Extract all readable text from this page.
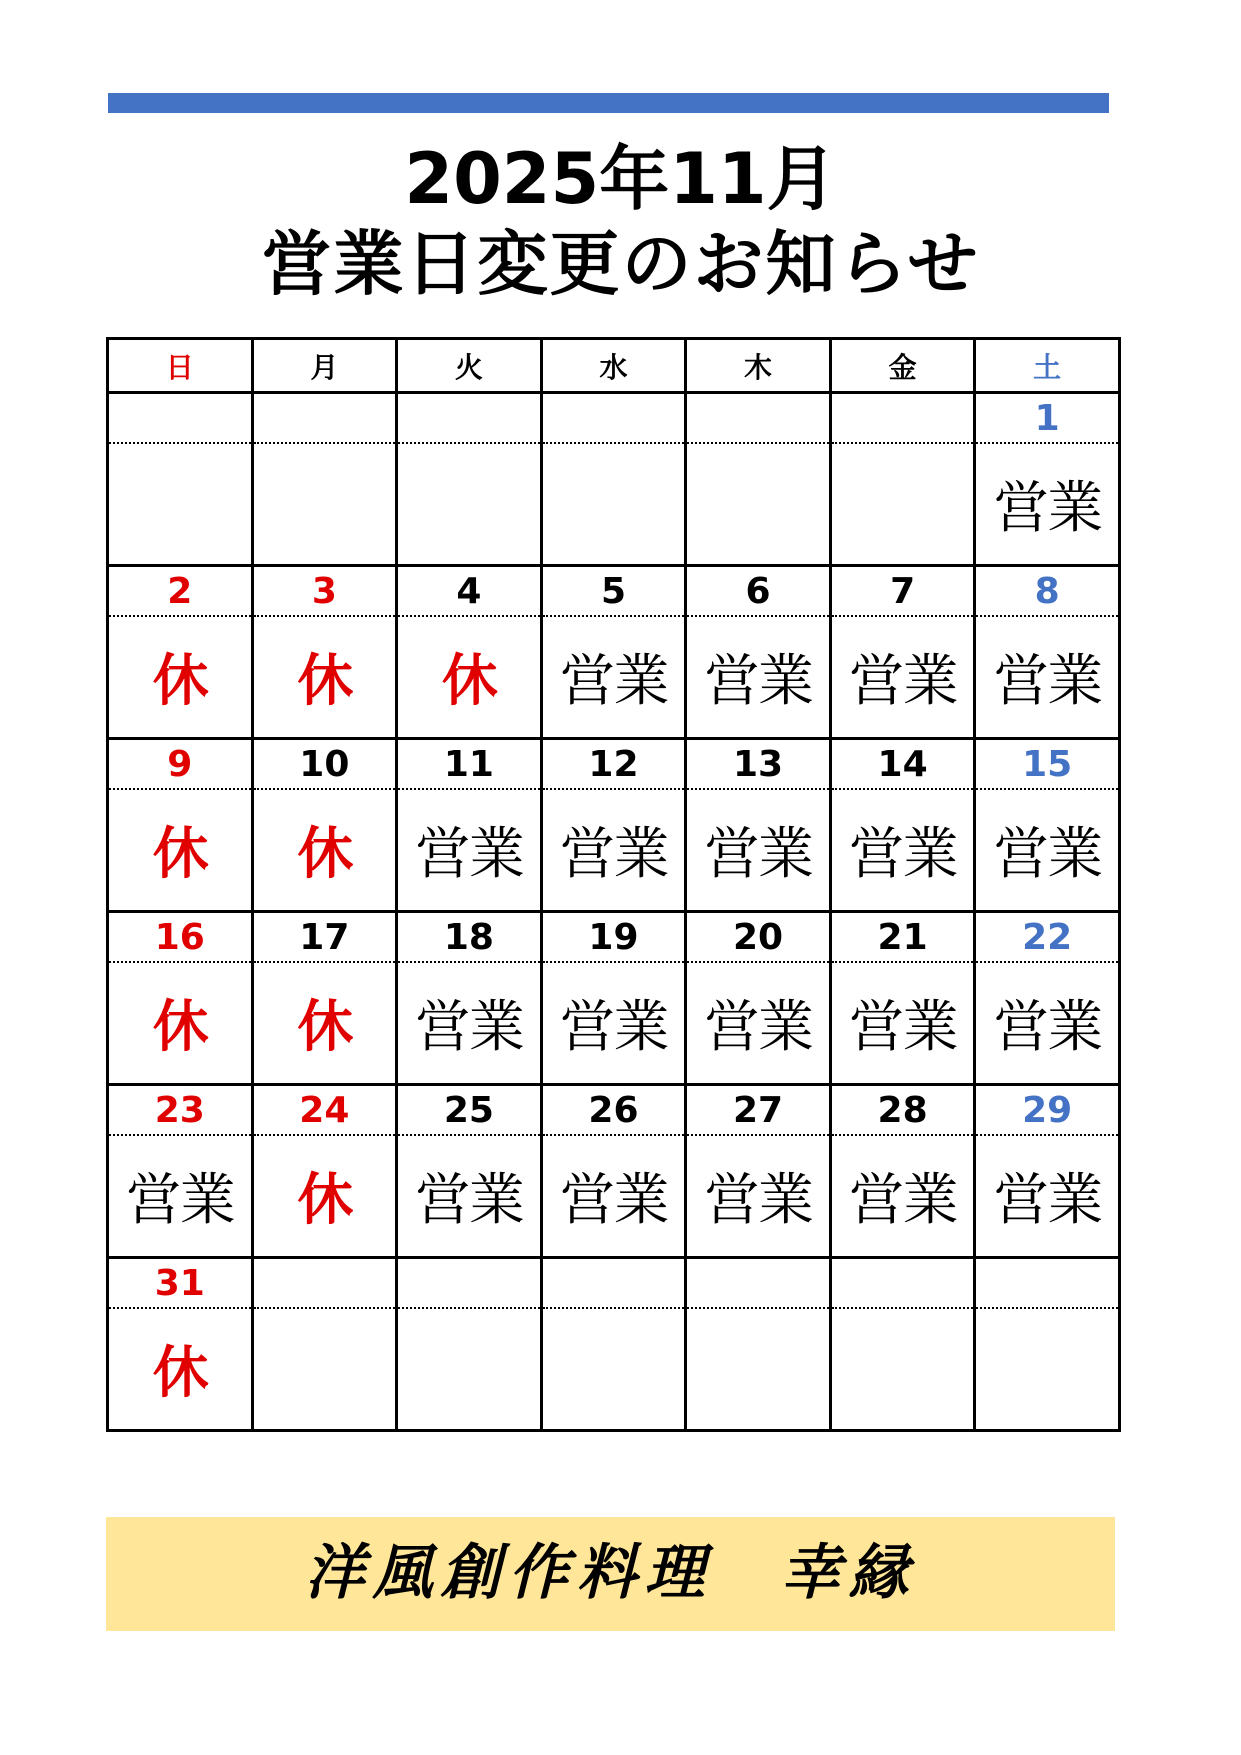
2025年11月
営業日変更のお知らせ
日	月	火	水	木	金	土
						1
						営業
2	3	4	5	6	7	8
休	休	休	営業	営業	営業	営業
9	10	11	12	13	14	15
休	休	営業	営業	営業	営業	営業
16	17	18	19	20	21	22
休	休	営業	営業	営業	営業	営業
23	24	25	26	27	28	29
営業	休	営業	営業	営業	営業	営業
31						
休						
洋風創作料理　幸縁
